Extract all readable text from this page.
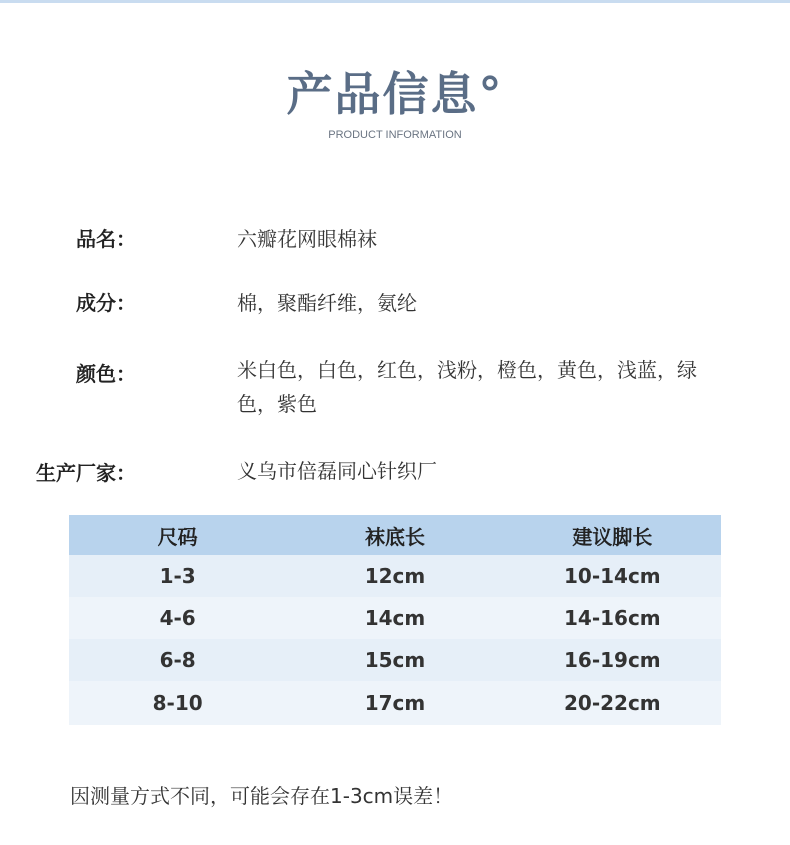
产品信息°
PRODUCT INFORMATION
品名：	六瓣花网眼棉袜
成分：	棉，聚酯纤维，氨纶
颜色：	米白色，白色，红色，浅粉，橙色，黄色，浅蓝，绿色，紫色
生产厂家：	义乌市倍磊同心针织厂
尺码	袜底长	建议脚长
1-3	12cm	10-14cm
4-6	14cm	14-16cm
6-8	15cm	16-19cm
8-10	17cm	20-22cm
因测量方式不同，可能会存在1-3cm误差！
